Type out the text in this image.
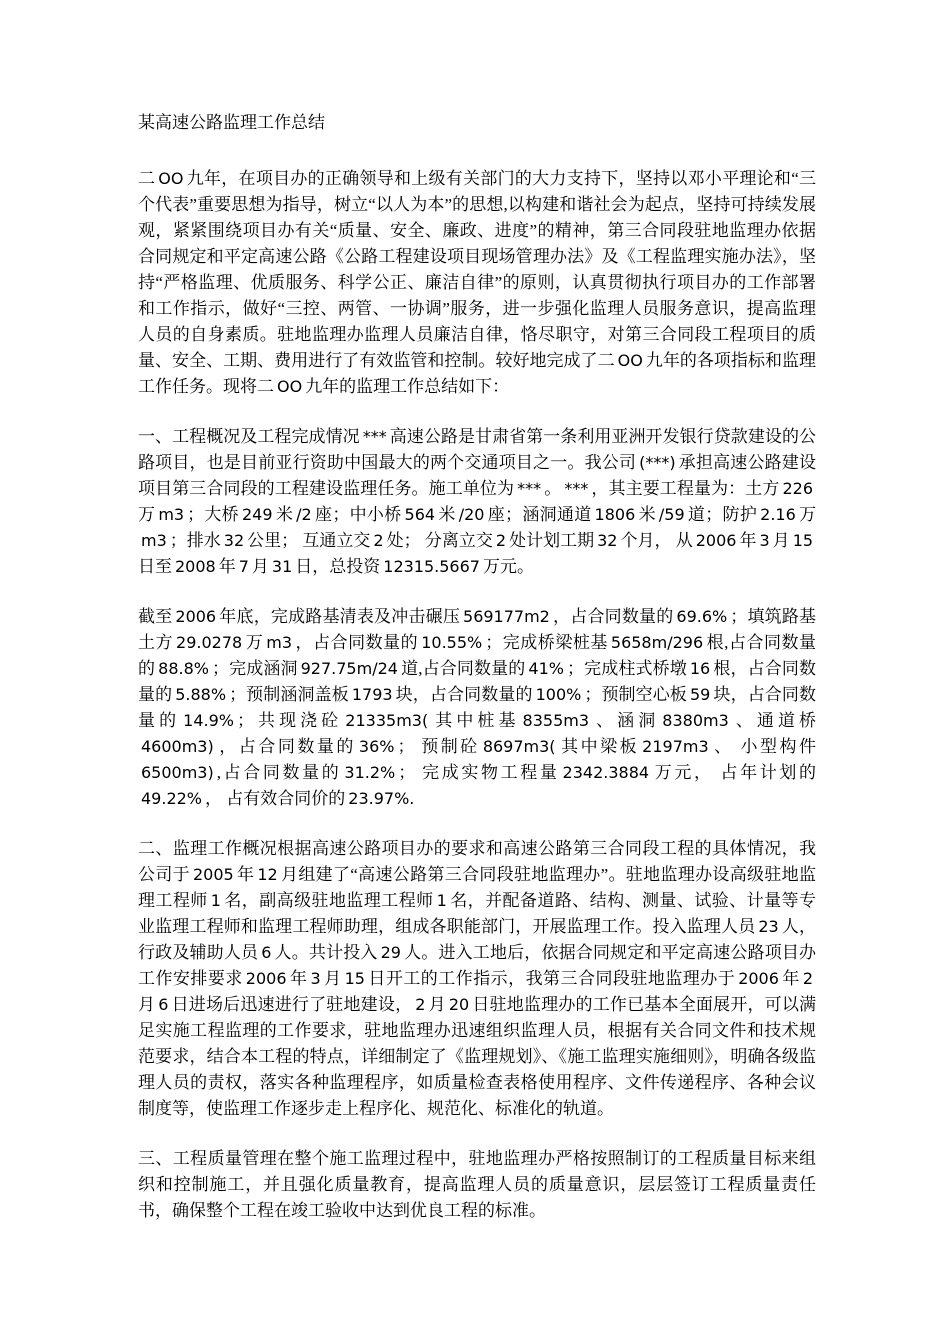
某高速公路监理工作总结

二 OO 九年，在项目办的正确领导和上级有关部门的大力支持下，坚持以邓小平理论和“三个代表”重要思想为指导，树立“以人为本”的思想,以构建和谐社会为起点，坚持可持续发展观，紧紧围绕项目办有关“质量、安全、廉政、进度”的精神，第三合同段驻地监理办依据合同规定和平定高速公路《公路工程建设项目现场管理办法》及《工程监理实施办法》，坚持“严格监理、优质服务、科学公正、廉洁自律”的原则，认真贯彻执行项目办的工作部署和工作指示，做好“三控、两管、一协调”服务，进一步强化监理人员服务意识，提高监理人员的自身素质。驻地监理办监理人员廉洁自律，恪尽职守，对第三合同段工程项目的质量、安全、工期、费用进行了有效监管和控制。较好地完成了二 OO 九年的各项指标和监理工作任务。现将二 OO 九年的监理工作总结如下：

一、工程概况及工程完成情况 *** 高速公路是甘肃省第一条利用亚洲开发银行贷款建设的公路项目，也是目前亚行资助中国最大的两个交通项目之一。我公司 (***) 承担高速公路建设项目第三合同段的工程建设监理任务。施工单位为 *** 。 *** ，其主要工程量为：土方 226万 m3 ；大桥 249 米 /2 座；中小桥 564 米 /20 座；涵洞通道 1806 米 /59 道；防护 2.16 万m3 ；排水 32 公里； 互通立交 2 处； 分离立交 2 处计划工期 32 个月， 从 2006 年 3 月 15日至 2008 年 7 月 31 日，总投资 12315.5667 万元。

截至 2006 年底，完成路基清表及冲击碾压 569177m2 ，占合同数量的 69.6% ；填筑路基土方 29.0278 万 m3 ，占合同数量的 10.55% ；完成桥梁桩基 5658m/296 根,占合同数量的 88.8% ；完成涵洞 927.75m/24 道,占合同数量的 41% ；完成柱式桥墩 16 根，占合同数量的 5.88% ；预制涵洞盖板 1793 块，占合同数量的 100% ；预制空心板 59 块，占合同数量的 14.9% ；共现浇砼 21335m3( 其中桩基 8355m3 、涵洞 8380m3 、通道桥4600m3) ，占合同数量的 36% ； 预制砼 8697m3( 其中梁板 2197m3 、 小型构件6500m3) ,占合同数量的 31.2% ； 完成实物工程量 2342.3884 万元， 占年计划的49.22% ， 占有效合同价的 23.97%.

二、监理工作概况根据高速公路项目办的要求和高速公路第三合同段工程的具体情况，我公司于 2005 年 12 月组建了“高速公路第三合同段驻地监理办”。驻地监理办设高级驻地监理工程师 1 名，副高级驻地监理工程师 1 名，并配备道路、结构、测量、试验、计量等专业监理工程师和监理工程师助理，组成各职能部门，开展监理工作。投入监理人员 23 人，行政及辅助人员 6 人。共计投入 29 人。进入工地后，依据合同规定和平定高速公路项目办工作安排要求 2006 年 3 月 15 日开工的工作指示，我第三合同段驻地监理办于 2006 年 2月 6 日进场后迅速进行了驻地建设， 2 月 20 日驻地监理办的工作已基本全面展开，可以满足实施工程监理的工作要求，驻地监理办迅速组织监理人员，根据有关合同文件和技术规范要求，结合本工程的特点，详细制定了《监理规划》、《施工监理实施细则》，明确各级监理人员的责权，落实各种监理程序，如质量检查表格使用程序、文件传递程序、各种会议制度等，使监理工作逐步走上程序化、规范化、标准化的轨道。

三、工程质量管理在整个施工监理过程中，驻地监理办严格按照制订的工程质量目标来组织和控制施工，并且强化质量教育，提高监理人员的质量意识，层层签订工程质量责任书，确保整个工程在竣工验收中达到优良工程的标准。
